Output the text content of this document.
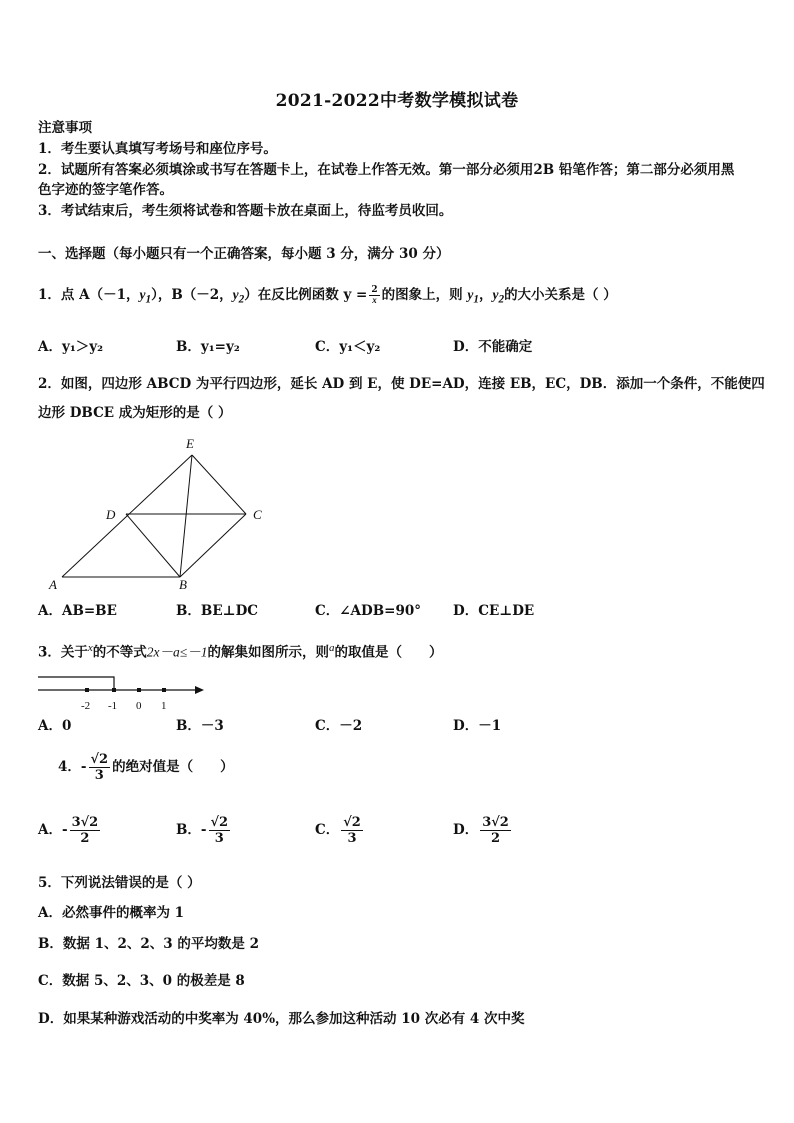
2021-2022中考数学模拟试卷
注意事项
1．考生要认真填写考场号和座位序号。
2．试题所有答案必须填涂或书写在答题卡上，在试卷上作答无效。第一部分必须用2B 铅笔作答；第二部分必须用黑
色字迹的签字笔作答。
3．考试结束后，考生须将试卷和答题卡放在桌面上，待监考员收回。
一、选择题（每小题只有一个正确答案，每小题 3 分，满分 30 分）
1．点 A（－1，$y_1$），B（－2，$y_2$）在反比例函数 $y = \frac{2}{x}$ 的图象上，则 $y_1$，$y_2$的大小关系是（ ）
A．y₁＞y₂	B．y₁=y₂	C．y₁＜y₂	D．不能确定
2．如图，四边形 ABCD 为平行四边形，延长 AD 到 E，使 DE=AD，连接 EB，EC，DB．添加一个条件，不能使四
边形 DBCE 成为矩形的是（ ）
E
D	C
A	B
A．AB=BE	B．BE⊥DC	C．∠ADB=90° D．CE⊥DE
3．关于$^x$的不等式2x－a≤－1的解集如图所示，则$^a$的取值是（　　）
-2 -1 0 1
A．0	B．－3	C．－2	D．－1
4．- $\frac{√2}{3}$ 的绝对值是（　　）
A．- $\frac{3√2}{2}$	B．- $\frac{√2}{3}$	C． $\frac{√2}{3}$	D． $\frac{3√2}{2}$
5．下列说法错误的是（ ）
A．必然事件的概率为 1
B．数据 1、2、2、3 的平均数是 2
C．数据 5、2、3、0 的极差是 8
D．如果某种游戏活动的中奖率为 40%，那么参加这种活动 10 次必有 4 次中奖
